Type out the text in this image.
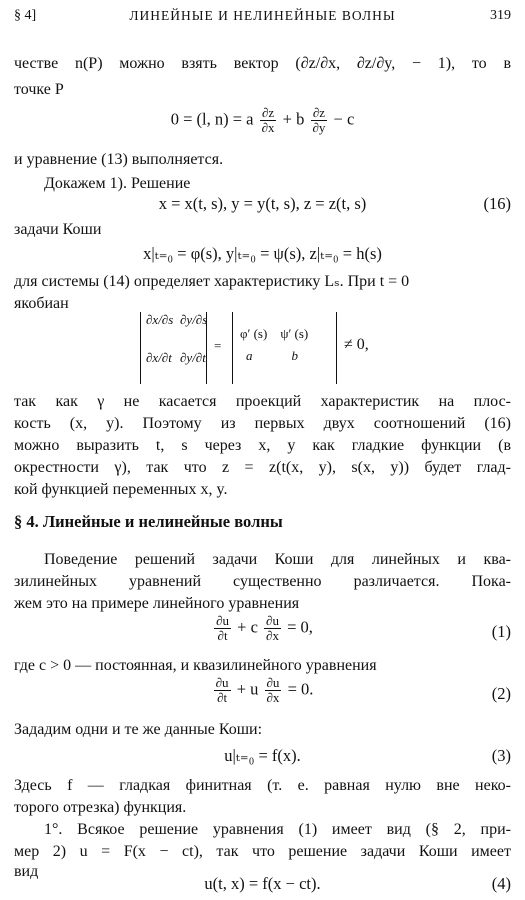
§ 4]	ЛИНЕЙНЫЕ И НЕЛИНЕЙНЫЕ ВОЛНЫ	319
честве n(P) можно взять вектор (∂z/∂x, ∂z/∂y, − 1), то в
точке P
0 = (l, n) = a $\frac{\partial z}{\partial x} + b \frac{\partial z}{\partial y} - c$
и уравнение (13) выполняется.
Докажем 1). Решение
x = x(t, s), y = y(t, s), z = z(t, s)	(16)
задачи Коши
x|ₜ₌₀ = φ(s), y|ₜ₌₀ = ψ(s), z|ₜ₌₀ = h(s)
для системы (14) определяет характеристику Lₛ. При t = 0
якобиан
∂x/∂s ∂y/∂s
∂x/∂t ∂y/∂t
=
φ′ (s)    ψ′ (s)
a            b
≠ 0,
так как γ не касается проекций характеристик на плос-
кость (x, y). Поэтому из первых двух соотношений (16)
можно выразить t, s через x, y как гладкие функции (в
окрестности γ), так что z = z(t(x, y), s(x, y)) будет глад-
кой функцией переменных x, y.
§ 4. Линейные и нелинейные волны
Поведение решений задачи Коши для линейных и ква-
зилинейных уравнений существенно различается. Пока-
жем это на примере линейного уравнения
$\frac{\partial u}{\partial t} + c \frac{\partial u}{\partial x} = 0$,	(1)
где c > 0 — постоянная, и квазилинейного уравнения
$\frac{\partial u}{\partial t} + u \frac{\partial u}{\partial x} = 0$.	(2)
Зададим одни и те же данные Коши:
u|ₜ₌₀ = f(x).	(3)
Здесь f — гладкая финитная (т. е. равная нулю вне неко-
торого отрезка) функция.
1°. Всякое решение уравнения (1) имеет вид (§ 2, при-
мер 2) u = F(x − ct), так что решение задачи Коши имеет
вид
u(t, x) = f(x − ct).	(4)
